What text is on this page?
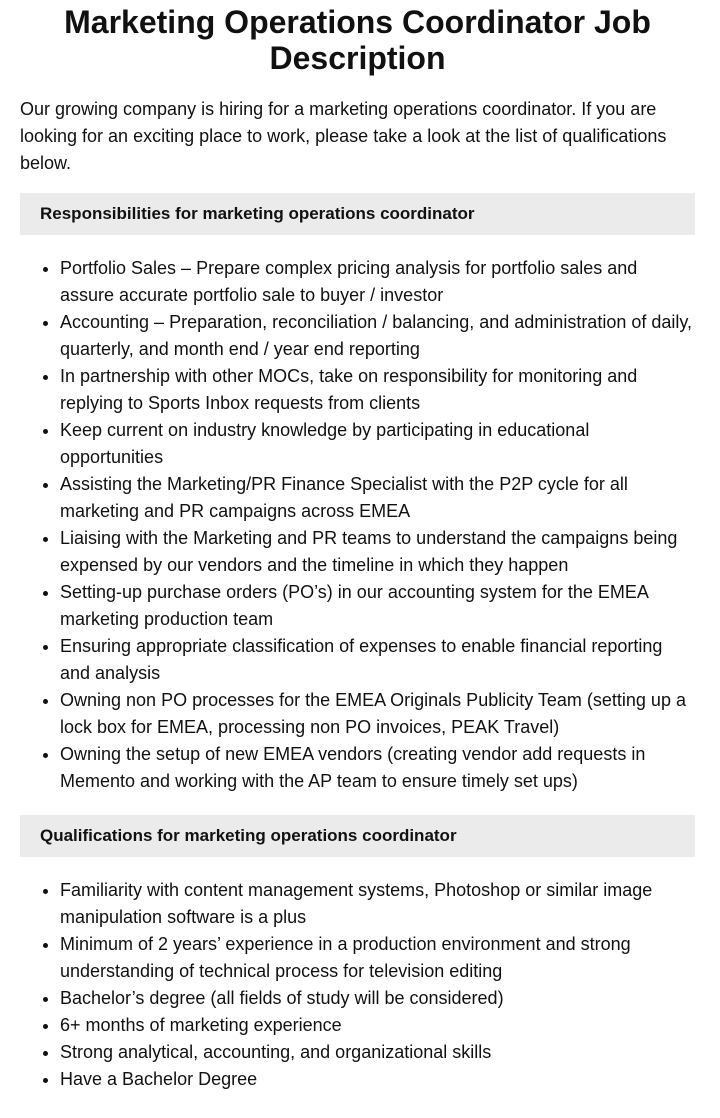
Marketing Operations Coordinator Job Description

Our growing company is hiring for a marketing operations coordinator. If you are looking for an exciting place to work, please take a look at the list of qualifications below.

Responsibilities for marketing operations coordinator
• Portfolio Sales – Prepare complex pricing analysis for portfolio sales and assure accurate portfolio sale to buyer / investor
• Accounting – Preparation, reconciliation / balancing, and administration of daily, quarterly, and month end / year end reporting
• In partnership with other MOCs, take on responsibility for monitoring and replying to Sports Inbox requests from clients
• Keep current on industry knowledge by participating in educational opportunities
• Assisting the Marketing/PR Finance Specialist with the P2P cycle for all marketing and PR campaigns across EMEA
• Liaising with the Marketing and PR teams to understand the campaigns being expensed by our vendors and the timeline in which they happen
• Setting-up purchase orders (PO’s) in our accounting system for the EMEA marketing production team
• Ensuring appropriate classification of expenses to enable financial reporting and analysis
• Owning non PO processes for the EMEA Originals Publicity Team (setting up a lock box for EMEA, processing non PO invoices, PEAK Travel)
• Owning the setup of new EMEA vendors (creating vendor add requests in Memento and working with the AP team to ensure timely set ups)
Qualifications for marketing operations coordinator
• Familiarity with content management systems, Photoshop or similar image manipulation software is a plus
• Minimum of 2 years’ experience in a production environment and strong understanding of technical process for television editing
• Bachelor’s degree (all fields of study will be considered)
• 6+ months of marketing experience
• Strong analytical, accounting, and organizational skills
• Have a Bachelor Degree
